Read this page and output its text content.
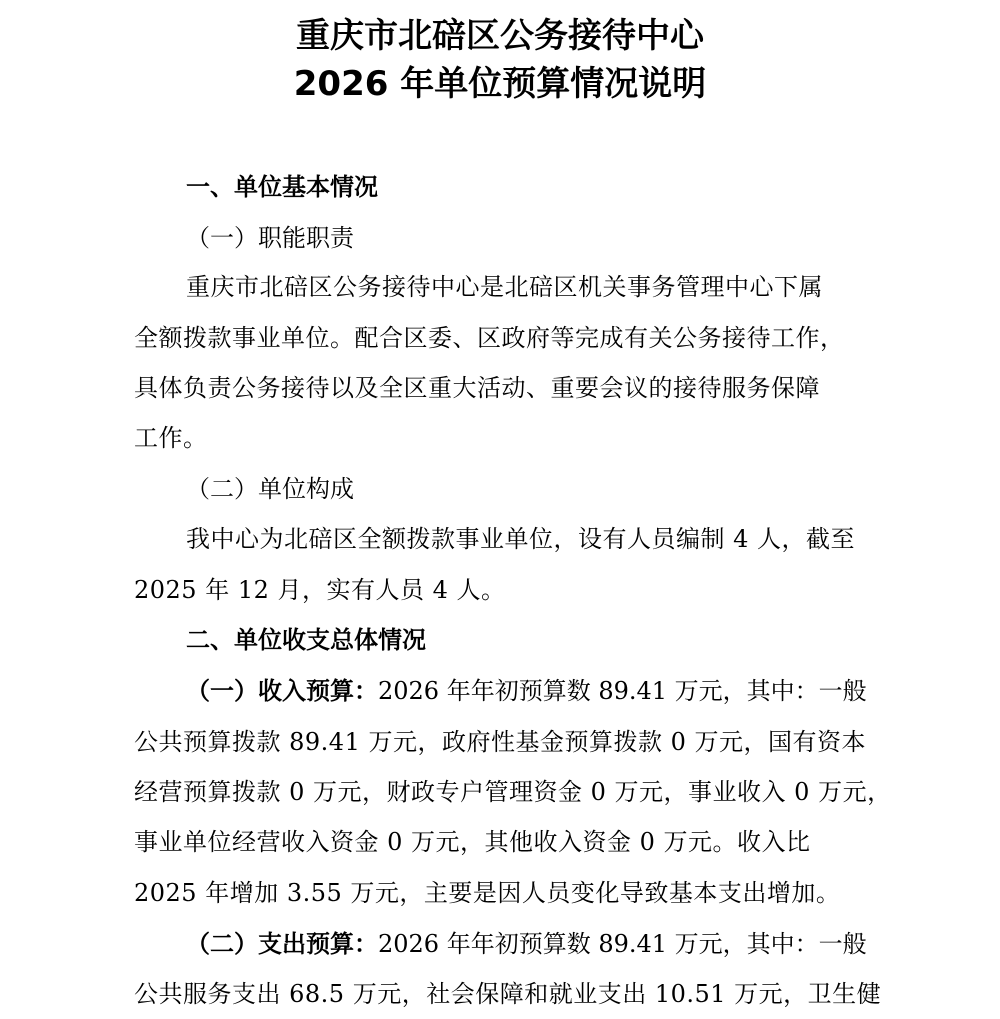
重庆市北碚区公务接待中心
2026 年单位预算情况说明
一、单位基本情况
（一）职能职责
重庆市北碚区公务接待中心是北碚区机关事务管理中心下属
全额拨款事业单位。配合区委、区政府等完成有关公务接待工作，
具体负责公务接待以及全区重大活动、重要会议的接待服务保障
工作。
（二）单位构成
我中心为北碚区全额拨款事业单位，设有人员编制 4 人，截至
2025 年 12 月，实有人员 4 人。
二、单位收支总体情况
（一）收入预算：2026 年年初预算数 89.41 万元，其中：一般
公共预算拨款 89.41 万元，政府性基金预算拨款 0 万元，国有资本
经营预算拨款 0 万元，财政专户管理资金 0 万元，事业收入 0 万元，
事业单位经营收入资金 0 万元，其他收入资金 0 万元。收入比
2025 年增加 3.55 万元，主要是因人员变化导致基本支出增加。
（二）支出预算：2026 年年初预算数 89.41 万元，其中：一般
公共服务支出 68.5 万元，社会保障和就业支出 10.51 万元，卫生健
